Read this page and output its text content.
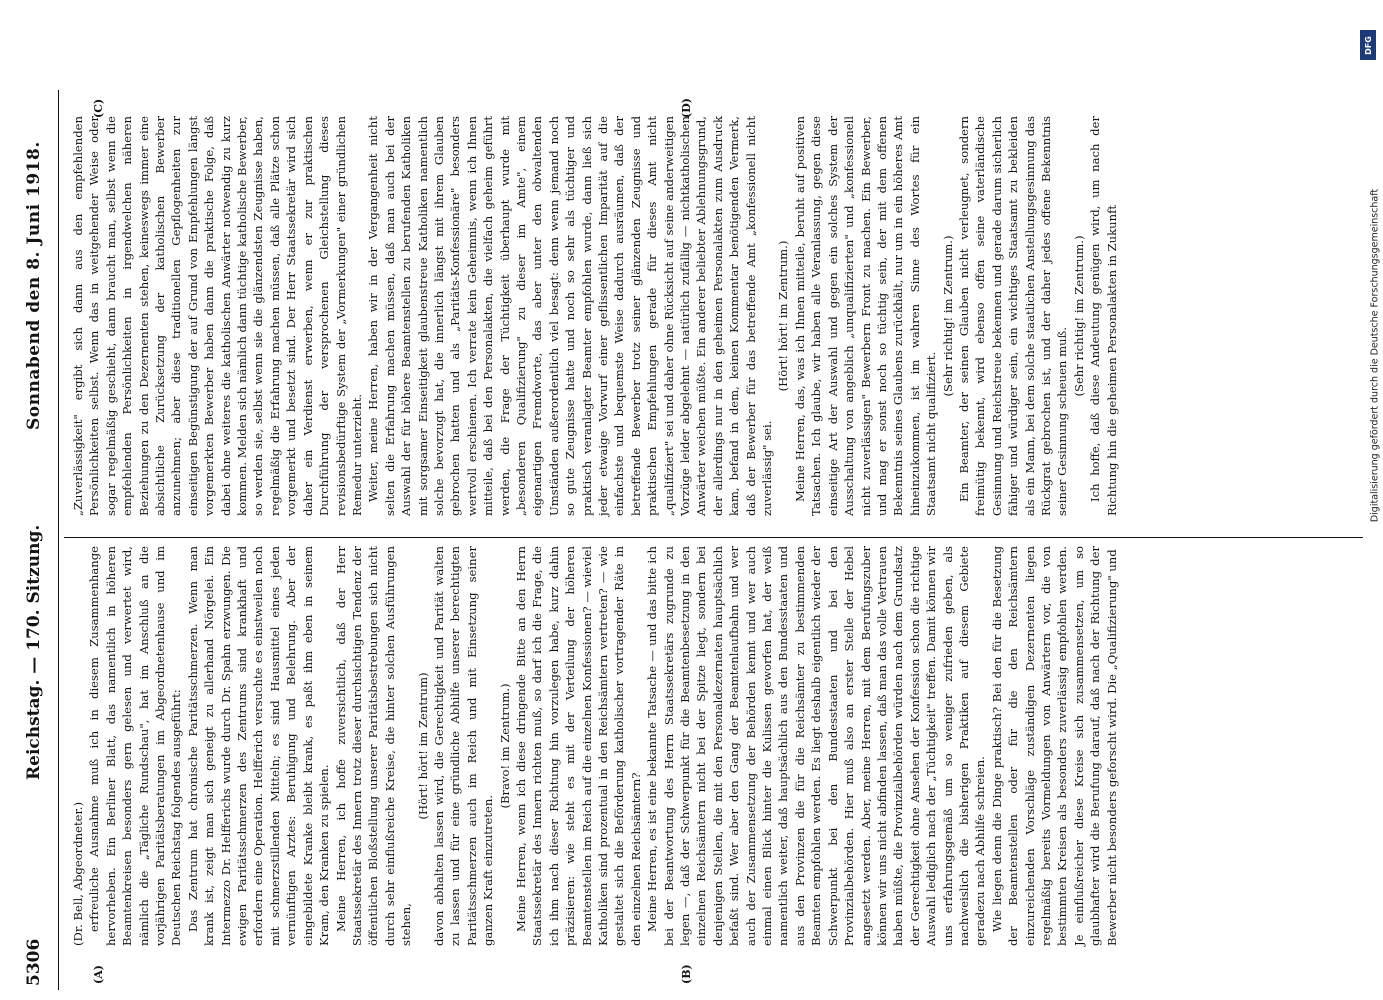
5306
Reichstag. — 170. Sitzung.
Sonnabend den 8. Juni 1918.
(A)	(B)
(C)	(D)

(Dr. Bell, Abgeordneter.) erfreuliche Ausnahme muß ich in diesem Zusammenhange hervorheben. Ein Berliner Blatt, das namentlich in höheren Beamtenkreisen besonders gern gelesen und verwertet wird, nämlich die „Tägliche Rundschau", hat im Anschluß an die vorjährigen Paritätsberatungen im Abgeordnetenhause und im Deutschen Reichstag folgendes ausgeführt: Das Zentrum hat chronische Paritätsschmerzen. Wenn man krank ist, zeigt man sich geneigt zu allerhand Nörgelei. Ein Intermezzo Dr. Helfferichs wurde durch Dr. Spahn erzwungen. Die ewigen Paritätsschmerzen des Zentrums sind krankhaft und erfordern eine Operation. Helfferich versuchte es einstweilen noch mit schmerzstillenden Mitteln; es sind Hausmittel eines jeden vernünftigen Arztes: Beruhigung und Belehrung. Aber der eingebildete Kranke bleibt krank, es paßt ihm eben in seinem Kram, den Kranken zu spielen. Meine Herren, ich hoffe zuversichtlich, daß der Herr Staatssekretär des Innern trotz dieser durchsichtigen Tendenz der öffentlichen Bloßstellung unserer Paritätsbestrebungen sich nicht durch sehr einflußreiche Kreise, die hinter solchen Ausführungen stehen,

(Hört! hört! im Zentrum) davon abhalten lassen wird, die Gerechtigkeit und Parität walten zu lassen und für eine gründliche Abhilfe unserer berechtigten Paritätsschmerzen auch im Reich und mit Einsetzung seiner ganzen Kraft einzutreten.

(Bravo! im Zentrum.) Meine Herren, wenn ich diese dringende Bitte an den Herrn Staatssekretär des Innern richten muß, so darf ich die Frage, die ich ihm nach dieser Richtung hin vorzulegen habe, kurz dahin präzisieren: wie steht es mit der Verteilung der höheren Beamtenstellen im Reich auf die einzelnen Konfessionen? — wieviel Katholiken sind prozentual in den Reichsämtern vertreten? — wie gestaltet sich die Beförderung katholischer vortragender Räte in den einzelnen Reichsämtern? Meine Herren, es ist eine bekannte Tatsache — und das bitte ich bei der Beantwortung des Herrn Staatssekretärs zugrunde zu legen —, daß der Schwerpunkt für die Beamtenbesetzung in den einzelnen Reichsämtern nicht bei der Spitze liegt, sondern bei denjenigen Stellen, die mit den Personaldezernaten hauptsächlich befaßt sind. Wer aber den Gang der Beamtenlaufbahn und wer auch der Zusammensetzung der Behörden kennt und wer auch einmal einen Blick hinter die Kulissen geworfen hat, der weiß namentlich weiter, daß hauptsächlich aus den Bundesstaaten und aus den Provinzen die für die Reichsämter zu bestimmenden Beamten empfohlen werden. Es liegt deshalb eigentlich wieder der Schwerpunkt bei den Bundesstaaten und bei den Provinzialbehörden. Hier muß also an erster Stelle der Hebel angesetzt werden. Aber, meine Herren, mit dem Berufungszuber können wir uns nicht abfinden lassen, daß man das volle Vertrauen haben müßte, die Provinzialbehörden würden nach dem Grundsatz der Gerechtigkeit ohne Ansehen der Konfession schon die richtige Auswahl lediglich nach der „Tüchtigkeit" treffen. Damit können wir uns erfahrungsgemäß um so weniger zufrieden geben, als nachweislich die bisherigen Praktiken auf diesem Gebiete geradezu nach Abhilfe schreien. Wie liegen denn die Dinge praktisch? Bei den für die Besetzung der Beamtenstellen oder für die den Reichsämtern einzureichenden Vorschläge zuständigen Dezernenten liegen regelmäßig bereits Vormeldungen von Anwärtern vor, die von bestimmten Kreisen als besonders zuverlässig empfohlen werden. Je einflußreicher diese Kreise sich zusammensetzen, um so glaubhafter wird die Berufung darauf, daß nach der Richtung der Bewerber nicht besonders geforscht wird. Die „Qualifizierung" und

„Zuverlässigkeit" ergibt sich dann aus den empfehlenden Persönlichkeiten selbst. Wenn das in weitgehender Weise oder sogar regelmäßig geschieht, dann braucht man, selbst wenn die empfehlenden Persönlichkeiten in irgendwelchen näheren Beziehungen zu den Dezernenten stehen, keineswegs immer eine absichtliche Zurücksetzung der katholischen Bewerber anzunehmen; aber diese traditionellen Gepflogenheiten zur einseitigen Begünstigung der auf Grund von Empfehlungen längst vorgemerkten Bewerber haben dann die praktische Folge, daß dabei ohne weiteres die katholischen Anwärter notwendig zu kurz kommen. Melden sich nämlich dann tüchtige katholische Bewerber, so werden sie, selbst wenn sie die glänzendsten Zeugnisse haben, regelmäßig die Erfahrung machen müssen, daß alle Plätze schon vorgemerkt und besetzt sind. Der Herr Staatssekretär wird sich daher ein Verdienst erwerben, wenn er zur praktischen Durchführung der versprochenen Gleichstellung dieses revisionsbedürftige System der „Vormerkungen" einer gründlichen Remedur unterzieht. Weiter, meine Herren, haben wir in der Vergangenheit nicht selten die Erfahrung machen müssen, daß man auch bei der Auswahl der für höhere Beamtenstellen zu berufenden Katholiken mit sorgsamer Einseitigkeit glaubenstreue Katholiken namentlich solche bevorzugt hat, die innerlich längst mit ihrem Glauben gebrochen hatten und als „Paritäts-Konfessionäre" besonders wertvoll erschienen. Ich verrate kein Geheimnis, wenn ich Ihnen mitteile, daß bei den Personalakten, die vielfach geheim geführt werden, die Frage der Tüchtigkeit überhaupt wurde mit „besonderen Qualifizierung" zu dieser im Amte", einem eigenartigen Fremdworte, das aber unter den obwaltenden Umständen außerordentlich viel besagt: denn wenn jemand noch so gute Zeugnisse hatte und noch so sehr als tüchtiger und praktisch veranlagter Beamter empfohlen wurde, dann ließ sich jeder etwaige Vorwurf einer geflissentlichen Imparität auf die einfachste und bequemste Weise dadurch ausräumen, daß der betreffende Bewerber trotz seiner glänzenden Zeugnisse und praktischen Empfehlungen gerade für dieses Amt nicht „qualifiziert" sei und daher ohne Rücksicht auf seine anderweitigen Vorzüge leider abgelehnt — natürlich zufällig — nichtkatholischen Anwärter weichen müßte. Ein anderer beliebter Ablehnungsgrund, der allerdings nur in den geheimen Personalakten zum Ausdruck kam, befand in dem, keinen Kommentar benötigenden Vermerk, daß der Bewerber für das betreffende Amt „konfessionell nicht zuverlässig" sei.

(Hört! hört! im Zentrum.) Meine Herren, das, was ich Ihnen mitteile, beruht auf positiven Tatsachen. Ich glaube, wir haben alle Veranlassung, gegen diese einseitige Art der Auswahl und gegen ein solches System der Ausschaltung von angeblich „unqualifizierten" und „konfessionell nicht zuverlässigen" Bewerbern Front zu machen. Ein Bewerber, und mag er sonst noch so tüchtig sein, der mit dem offenen Bekenntnis seines Glaubens zurückhält, nur um in ein höheres Amt hineinzukommen, ist im wahren Sinne des Wortes für ein Staatsamt nicht qualifiziert.

(Sehr richtig! im Zentrum.) Ein Beamter, der seinen Glauben nicht verleugnet, sondern freimütig bekennt, wird ebenso offen seine vaterländische Gesinnung und Reichstreue bekennen und gerade darum sicherlich fähiger und würdiger sein, ein wichtiges Staatsamt zu bekleiden als ein Mann, bei dem solche staatlichen Anstellungsgesinnung das Rückgrat gebrochen ist, und der daher jedes offene Bekenntnis seiner Gesinnung scheuen muß.

(Sehr richtig! im Zentrum.) Ich hoffe, daß diese Andeutung genügen wird, um nach der Richtung hin die geheimen Personalakten in Zukunft

DFG
Digitalisierung gefördert durch die Deutsche Forschungsgemeinschaft
